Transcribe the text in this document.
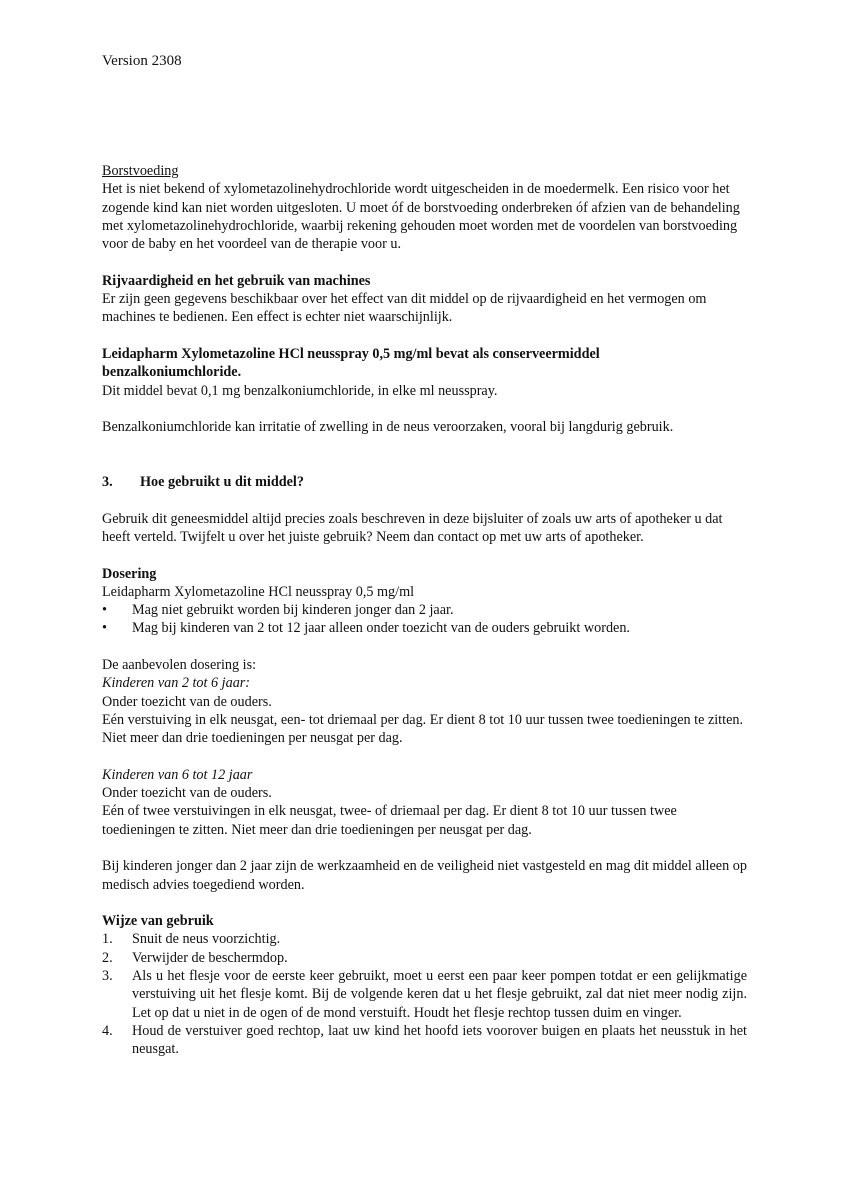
Version 2308

Borstvoeding

Het is niet bekend of xylometazolinehydrochloride wordt uitgescheiden in de moedermelk. Een risico voor het zogende kind kan niet worden uitgesloten. U moet óf de borstvoeding onderbreken óf afzien van de behandeling met xylometazolinehydrochloride, waarbij rekening gehouden moet worden met de voordelen van borstvoeding voor de baby en het voordeel van de therapie voor u.

Rijvaardigheid en het gebruik van machines

Er zijn geen gegevens beschikbaar over het effect van dit middel op de rijvaardigheid en het vermogen om machines te bedienen. Een effect is echter niet waarschijnlijk.

Leidapharm Xylometazoline HCl neusspray 0,5 mg/ml bevat als conserveermiddel benzalkoniumchloride.

Dit middel bevat 0,1 mg benzalkoniumchloride, in elke ml neusspray.

Benzalkoniumchloride kan irritatie of zwelling in de neus veroorzaken, vooral bij langdurig gebruik.

3.	Hoe gebruikt u dit middel?

Gebruik dit geneesmiddel altijd precies zoals beschreven in deze bijsluiter of zoals uw arts of apotheker u dat heeft verteld. Twijfelt u over het juiste gebruik? Neem dan contact op met uw arts of apotheker.

Dosering

Leidapharm Xylometazoline HCl neusspray 0,5 mg/ml

•	Mag niet gebruikt worden bij kinderen jonger dan 2 jaar.
•	Mag bij kinderen van 2 tot 12 jaar alleen onder toezicht van de ouders gebruikt worden.

De aanbevolen dosering is:

Kinderen van 2 tot 6 jaar:

Onder toezicht van de ouders.

Eén verstuiving in elk neusgat, een- tot driemaal per dag. Er dient 8 tot 10 uur tussen twee toedieningen te zitten. Niet meer dan drie toedieningen per neusgat per dag.

Kinderen van 6 tot 12 jaar

Onder toezicht van de ouders.

Eén of twee verstuivingen in elk neusgat, twee- of driemaal per dag. Er dient 8 tot 10 uur tussen twee toedieningen te zitten. Niet meer dan drie toedieningen per neusgat per dag.

Bij kinderen jonger dan 2 jaar zijn de werkzaamheid en de veiligheid niet vastgesteld en mag dit middel alleen op medisch advies toegediend worden.

Wijze van gebruik

1.	Snuit de neus voorzichtig.
2.	Verwijder de beschermdop.
3.	Als u het flesje voor de eerste keer gebruikt, moet u eerst een paar keer pompen totdat er een gelijkmatige verstuiving uit het flesje komt. Bij de volgende keren dat u het flesje gebruikt, zal dat niet meer nodig zijn. Let op dat u niet in de ogen of de mond verstuift. Houdt het flesje rechtop tussen duim en vinger.
4.	Houd de verstuiver goed rechtop, laat uw kind het hoofd iets voorover buigen en plaats het neusstuk in het neusgat.
